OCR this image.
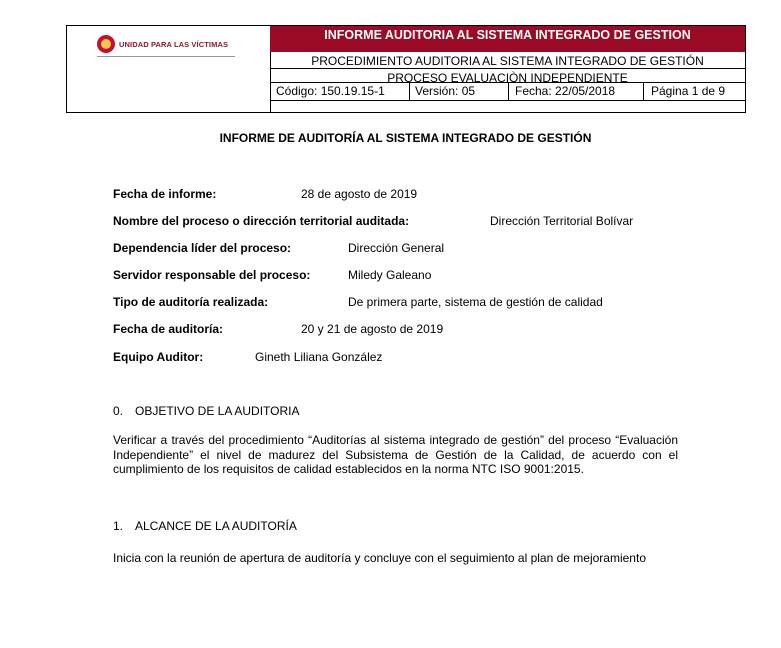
UNIDAD PARA LAS VÍCTIMAS
INFORME AUDITORIA AL SISTEMA INTEGRADO DE GESTION
PROCEDIMIENTO AUDITORIA AL SISTEMA INTEGRADO DE GESTIÓN
PROCESO EVALUACIÒN INDEPENDIENTE
Código: 150.19.15-1	Versión: 05	Fecha: 22/05/2018	Página 1 de 9
INFORME DE AUDITORÍA AL SISTEMA INTEGRADO DE GESTIÓN
Fecha de informe:	28 de agosto de 2019
Nombre del proceso o dirección territorial auditada:	Dirección Territorial Bolívar
Dependencia líder del proceso:	Dirección General
Servidor responsable del proceso:	Miledy Galeano
Tipo de auditoría realizada:	De primera parte, sistema de gestión de calidad
Fecha de auditoría:	20 y 21 de agosto de 2019
Equipo Auditor:	Gineth Liliana González
0. OBJETIVO DE LA AUDITORIA
Verificar a través del procedimiento “Auditorías al sistema integrado de gestión” del proceso “Evaluación Independiente” el nivel de madurez del Subsistema de Gestión de la Calidad, de acuerdo con el cumplimiento de los requisitos de calidad establecidos en la norma NTC ISO 9001:2015.
1. ALCANCE DE LA AUDITORÍA
Inicia con la reunión de apertura de auditoría y concluye con el seguimiento al plan de mejoramiento
